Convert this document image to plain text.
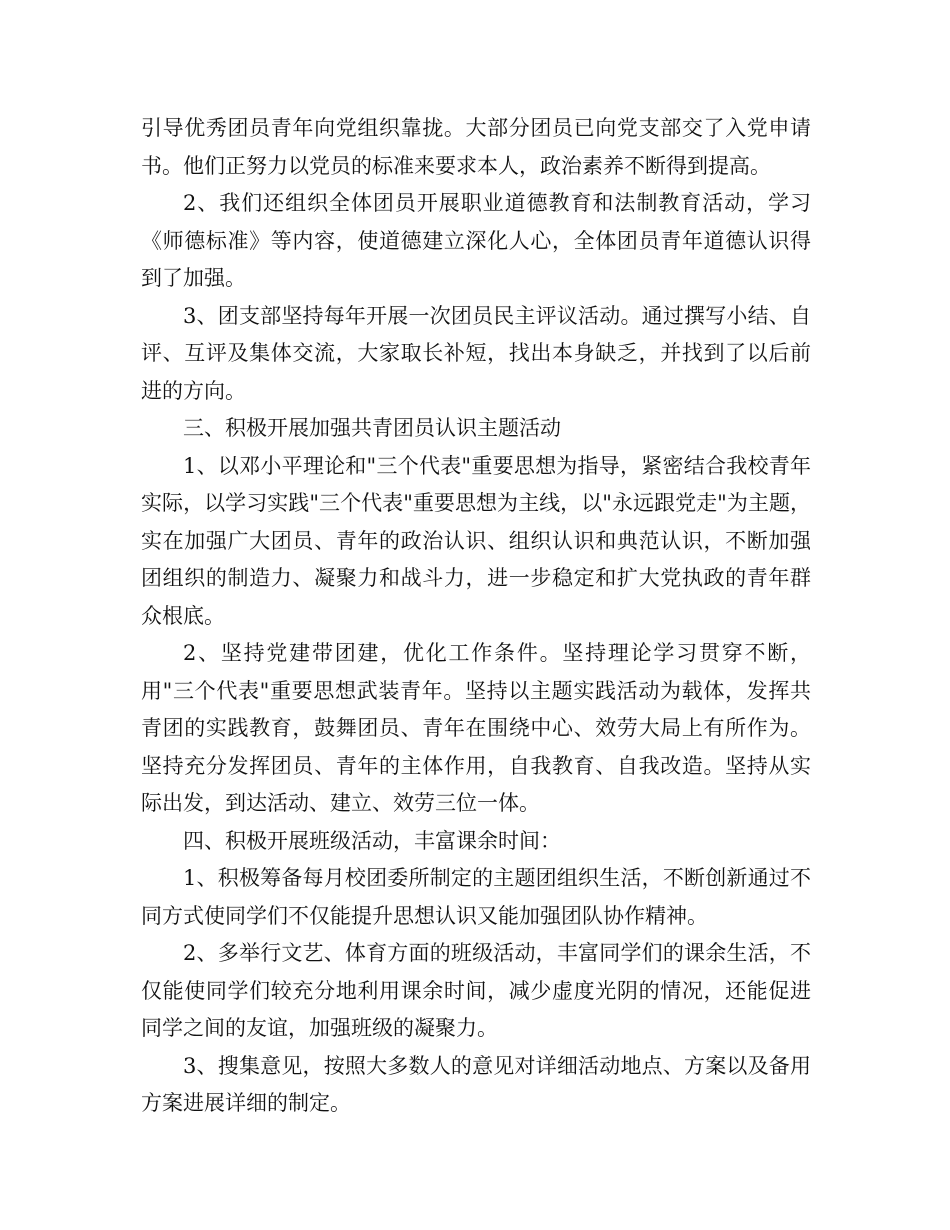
引导优秀团员青年向党组织靠拢。大部分团员已向党支部交了入党申请书。他们正努力以党员的标准来要求本人，政治素养不断得到提高。

2、我们还组织全体团员开展职业道德教育和法制教育活动，学习《师德标准》等内容，使道德建立深化人心，全体团员青年道德认识得到了加强。

3、团支部坚持每年开展一次团员民主评议活动。通过撰写小结、自评、互评及集体交流，大家取长补短，找出本身缺乏，并找到了以后前进的方向。

三、积极开展加强共青团员认识主题活动

1、以邓小平理论和"三个代表"重要思想为指导，紧密结合我校青年实际，以学习实践"三个代表"重要思想为主线，以"永远跟党走"为主题，实在加强广大团员、青年的政治认识、组织认识和典范认识，不断加强团组织的制造力、凝聚力和战斗力，进一步稳定和扩大党执政的青年群众根底。

2、坚持党建带团建，优化工作条件。坚持理论学习贯穿不断，用"三个代表"重要思想武装青年。坚持以主题实践活动为载体，发挥共青团的实践教育，鼓舞团员、青年在围绕中心、效劳大局上有所作为。坚持充分发挥团员、青年的主体作用，自我教育、自我改造。坚持从实际出发，到达活动、建立、效劳三位一体。

四、积极开展班级活动，丰富课余时间：

1、积极筹备每月校团委所制定的主题团组织生活，不断创新通过不同方式使同学们不仅能提升思想认识又能加强团队协作精神。

2、多举行文艺、体育方面的班级活动，丰富同学们的课余生活，不仅能使同学们较充分地利用课余时间，减少虚度光阴的情况，还能促进同学之间的友谊，加强班级的凝聚力。

3、搜集意见，按照大多数人的意见对详细活动地点、方案以及备用方案进展详细的制定。
